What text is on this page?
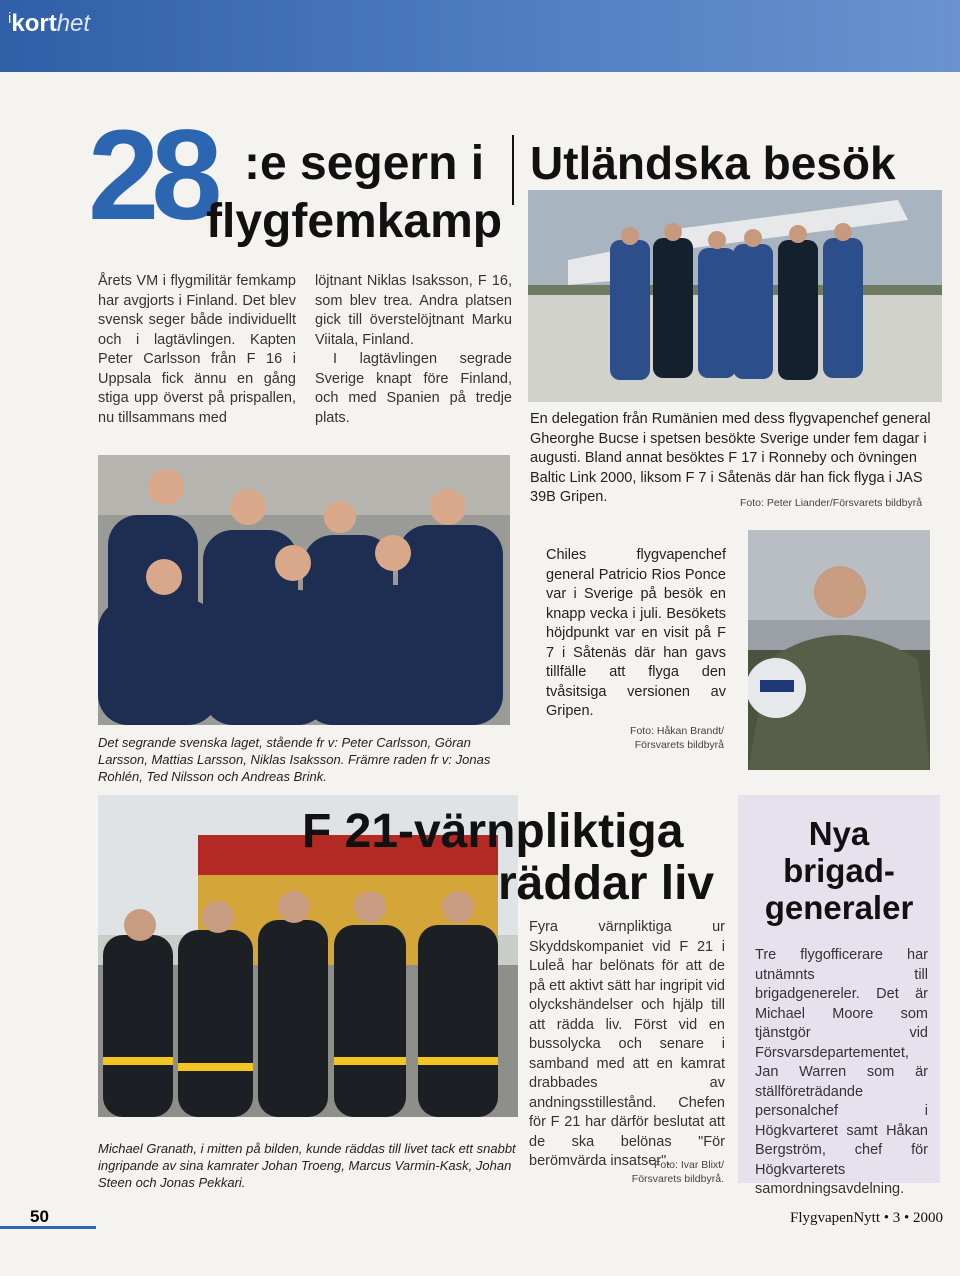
$^i$korthet
28 :e segern i
flygfemkamp
Årets VM i flygmilitär femkamp har avgjorts i Finland. Det blev svensk seger både individuellt och i lagtävlingen. Kapten Peter Carlsson från F 16 i Uppsala fick ännu en gång stiga upp överst på prispallen, nu tillsammans med
löjtnant Niklas Isaksson, F 16, som blev trea. Andra platsen gick till överstelöjtnant Marku Viitala, Finland.
I lagtävlingen segrade Sverige knapt före Finland, och med Spanien på tredje plats.
Det segrande svenska laget, stående fr v: Peter Carlsson, Göran Larsson, Mattias Larsson, Niklas Isaksson. Främre raden fr v: Jonas Rohlén, Ted Nilsson och Andreas Brink.
Utländska besök
En delegation från Rumänien med dess flygvapenchef general Gheorghe Bucse i spetsen besökte Sverige under fem dagar i augusti. Bland annat besöktes F 17 i Ronneby och övningen Baltic Link 2000, liksom F 7 i Såtenäs där han fick flyga i JAS 39B Gripen.	Foto: Peter Liander/Försvarets bildbyrå
Chiles flygvapenchef general Patricio Rios Ponce var i Sverige på besök en knapp vecka i juli. Besökets höjdpunkt var en visit på F 7 i Såtenäs där han gavs tillfälle att flyga den tvåsitsiga versionen av Gripen.
Foto: Håkan Brandt/
Försvarets bildbyrå
F 21-värnpliktiga
räddar liv
Fyra värnpliktiga ur Skyddskompaniet vid F 21 i Luleå har belönats för att de på ett aktivt sätt har ingripit vid olyckshändelser och hjälp till att rädda liv. Först vid en bussolycka och senare i samband med att en kamrat drabbades av andningsstillestånd. Chefen för F 21 har därför beslutat att de ska belönas "För berömvärda insatser".
Foto: Ivar Blixt/
Försvarets bildbyrå.
Michael Granath, i mitten på bilden, kunde räddas till livet tack ett snabbt ingripande av sina kamrater Johan Troeng, Marcus Varmin-Kask, Johan Steen och Jonas Pekkari.
Nya
brigad-
generaler
Tre flygofficerare har utnämnts till brigadgenereler. Det är Michael Moore som tjänstgör vid Försvarsdepartementet, Jan Warren som är ställföreträdande personalchef i Högkvarteret samt Håkan Bergström, chef för Högkvarterets samordningsavdelning.
50	FlygvapenNytt • 3 • 2000
